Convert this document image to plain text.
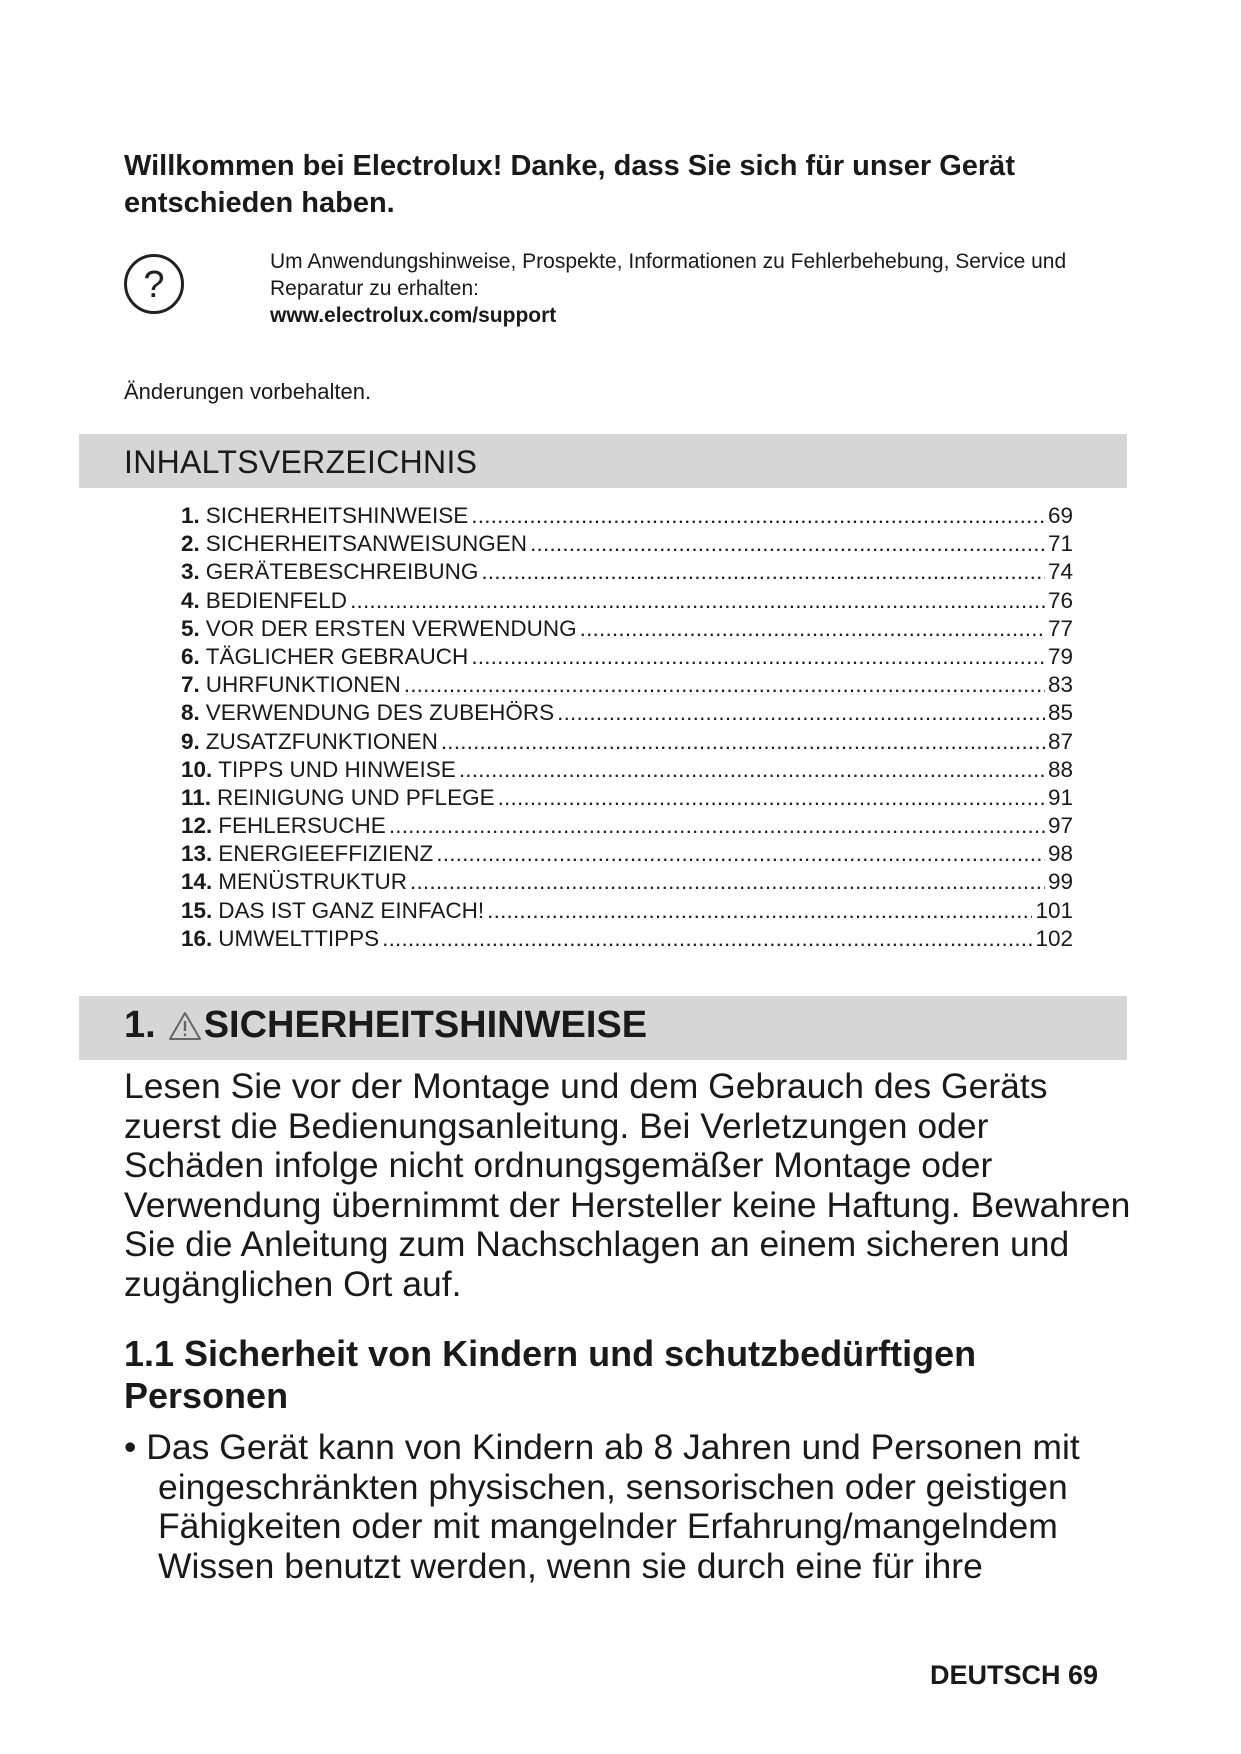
Willkommen bei Electrolux! Danke, dass Sie sich für unser Gerät entschieden haben.
?
Um Anwendungshinweise, Prospekte, Informationen zu Fehlerbehebung, Service und Reparatur zu erhalten:
www.electrolux.com/support
Änderungen vorbehalten.
INHALTSVERZEICHNIS
1. SICHERHEITSHINWEISE .....	69
2. SICHERHEITSANWEISUNGEN .....	71
3. GERÄTEBESCHREIBUNG .....	74
4. BEDIENFELD .....	76
5. VOR DER ERSTEN VERWENDUNG .....	77
6. TÄGLICHER GEBRAUCH .....	79
7. UHRFUNKTIONEN .....	83
8. VERWENDUNG DES ZUBEHÖRS .....	85
9. ZUSATZFUNKTIONEN .....	87
10. TIPPS UND HINWEISE .....	88
11. REINIGUNG UND PFLEGE .....	91
12. FEHLERSUCHE .....	97
13. ENERGIEEFFIZIENZ .....	98
14. MENÜSTRUKTUR .....	99
15. DAS IST GANZ EINFACH! .....	101
16. UMWELTTIPPS .....	102
1. SICHERHEITSHINWEISE

Lesen Sie vor der Montage und dem Gebrauch des Geräts zuerst die Bedienungsanleitung. Bei Verletzungen oder Schäden infolge nicht ordnungsgemäßer Montage oder Verwendung übernimmt der Hersteller keine Haftung. Bewahren Sie die Anleitung zum Nachschlagen an einem sicheren und zugänglichen Ort auf.

1.1 Sicherheit von Kindern und schutzbedürftigen Personen

• Das Gerät kann von Kindern ab 8 Jahren und Personen mit eingeschränkten physischen, sensorischen oder geistigen Fähigkeiten oder mit mangelnder Erfahrung/mangelndem Wissen benutzt werden, wenn sie durch eine für ihre

DEUTSCH 69
